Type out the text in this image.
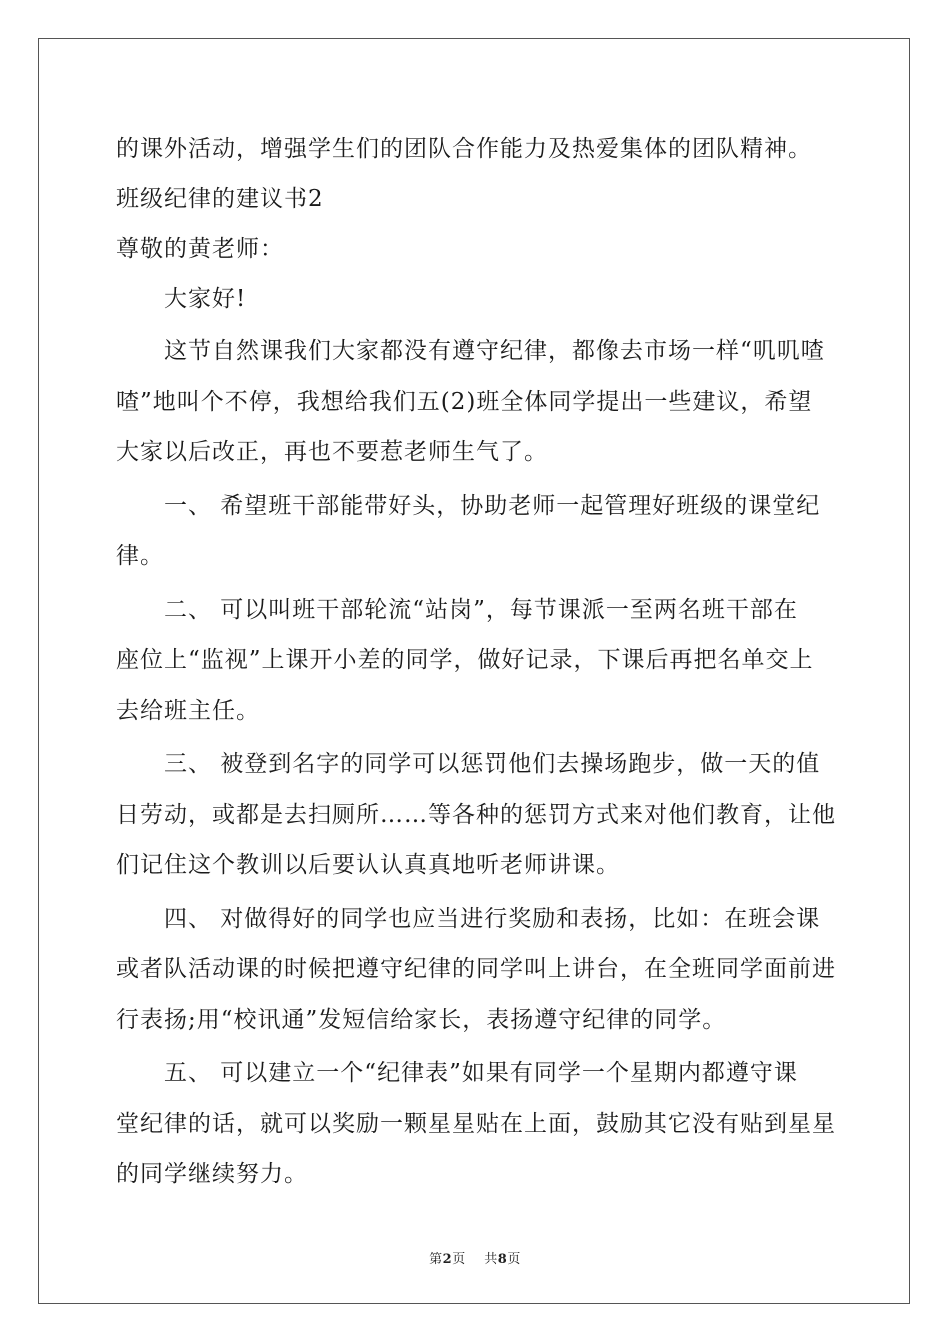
的课外活动，增强学生们的团队合作能力及热爱集体的团队精神。

班级纪律的建议书2

尊敬的黄老师：

大家好!

这节自然课我们大家都没有遵守纪律，都像去市场一样“叽叽喳

喳”地叫个不停，我想给我们五(2)班全体同学提出一些建议，希望

大家以后改正，再也不要惹老师生气了。

一、 希望班干部能带好头，协助老师一起管理好班级的课堂纪

律。

二、 可以叫班干部轮流“站岗”，每节课派一至两名班干部在

座位上“监视”上课开小差的同学，做好记录，下课后再把名单交上

去给班主任。

三、 被登到名字的同学可以惩罚他们去操场跑步，做一天的值

日劳动，或都是去扫厕所……等各种的惩罚方式来对他们教育，让他

们记住这个教训以后要认认真真地听老师讲课。

四、 对做得好的同学也应当进行奖励和表扬，比如：在班会课

或者队活动课的时候把遵守纪律的同学叫上讲台，在全班同学面前进

行表扬;用“校讯通”发短信给家长，表扬遵守纪律的同学。

五、 可以建立一个“纪律表”如果有同学一个星期内都遵守课

堂纪律的话，就可以奖励一颗星星贴在上面，鼓励其它没有贴到星星

的同学继续努力。

第2页 共8页
